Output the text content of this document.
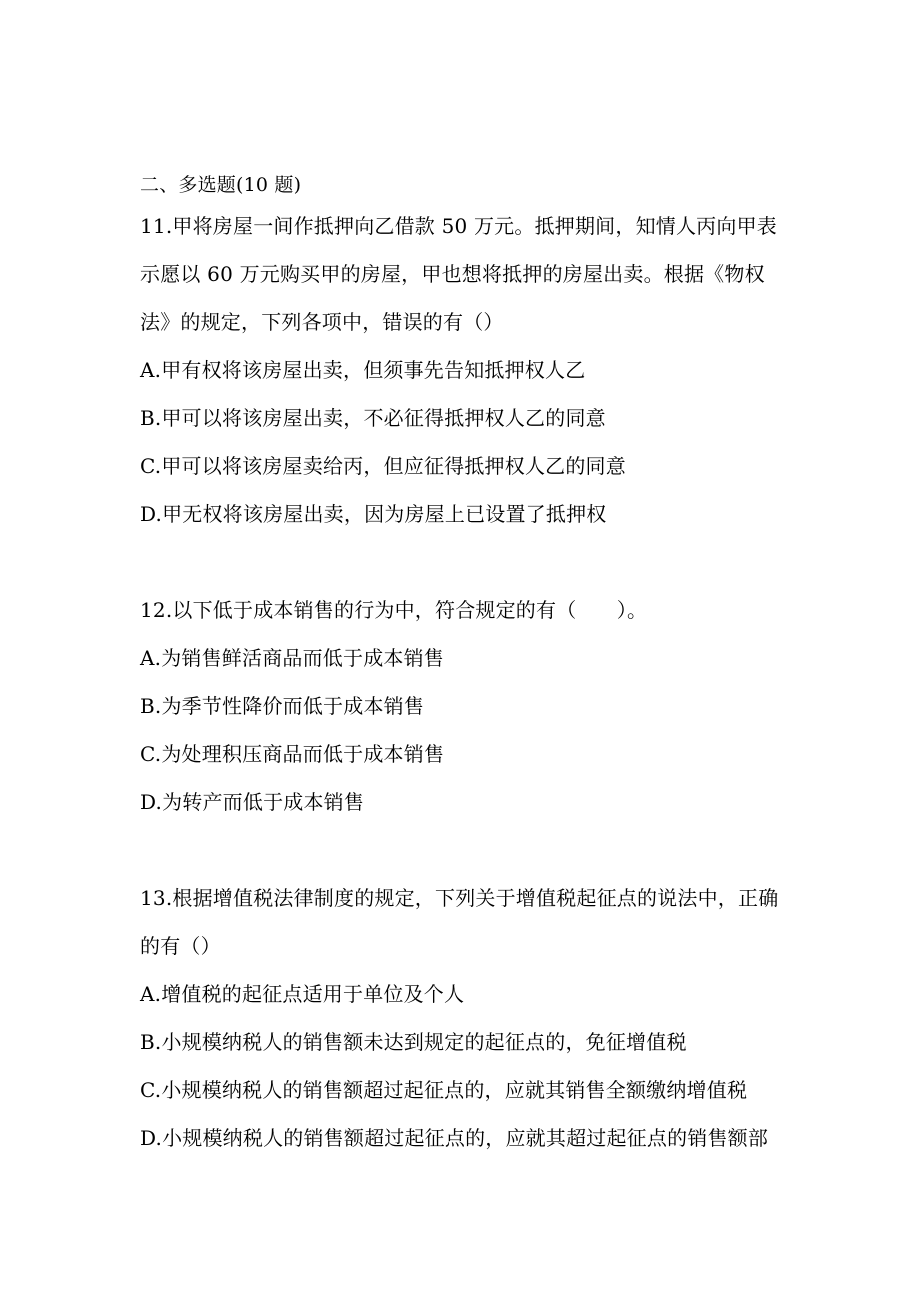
二、多选题(10 题)
11.甲将房屋一间作抵押向乙借款 50 万元。抵押期间，知情人丙向甲表
示愿以 60 万元购买甲的房屋，甲也想将抵押的房屋出卖。根据《物权
法》的规定，下列各项中，错误的有（）
A.甲有权将该房屋出卖，但须事先告知抵押权人乙
B.甲可以将该房屋出卖，不必征得抵押权人乙的同意
C.甲可以将该房屋卖给丙，但应征得抵押权人乙的同意
D.甲无权将该房屋出卖，因为房屋上已设置了抵押权
12.以下低于成本销售的行为中，符合规定的有（　　）。
A.为销售鲜活商品而低于成本销售
B.为季节性降价而低于成本销售
C.为处理积压商品而低于成本销售
D.为转产而低于成本销售
13.根据增值税法律制度的规定，下列关于增值税起征点的说法中，正确
的有（）
A.增值税的起征点适用于单位及个人
B.小规模纳税人的销售额未达到规定的起征点的，免征增值税
C.小规模纳税人的销售额超过起征点的，应就其销售全额缴纳增值税
D.小规模纳税人的销售额超过起征点的，应就其超过起征点的销售额部
